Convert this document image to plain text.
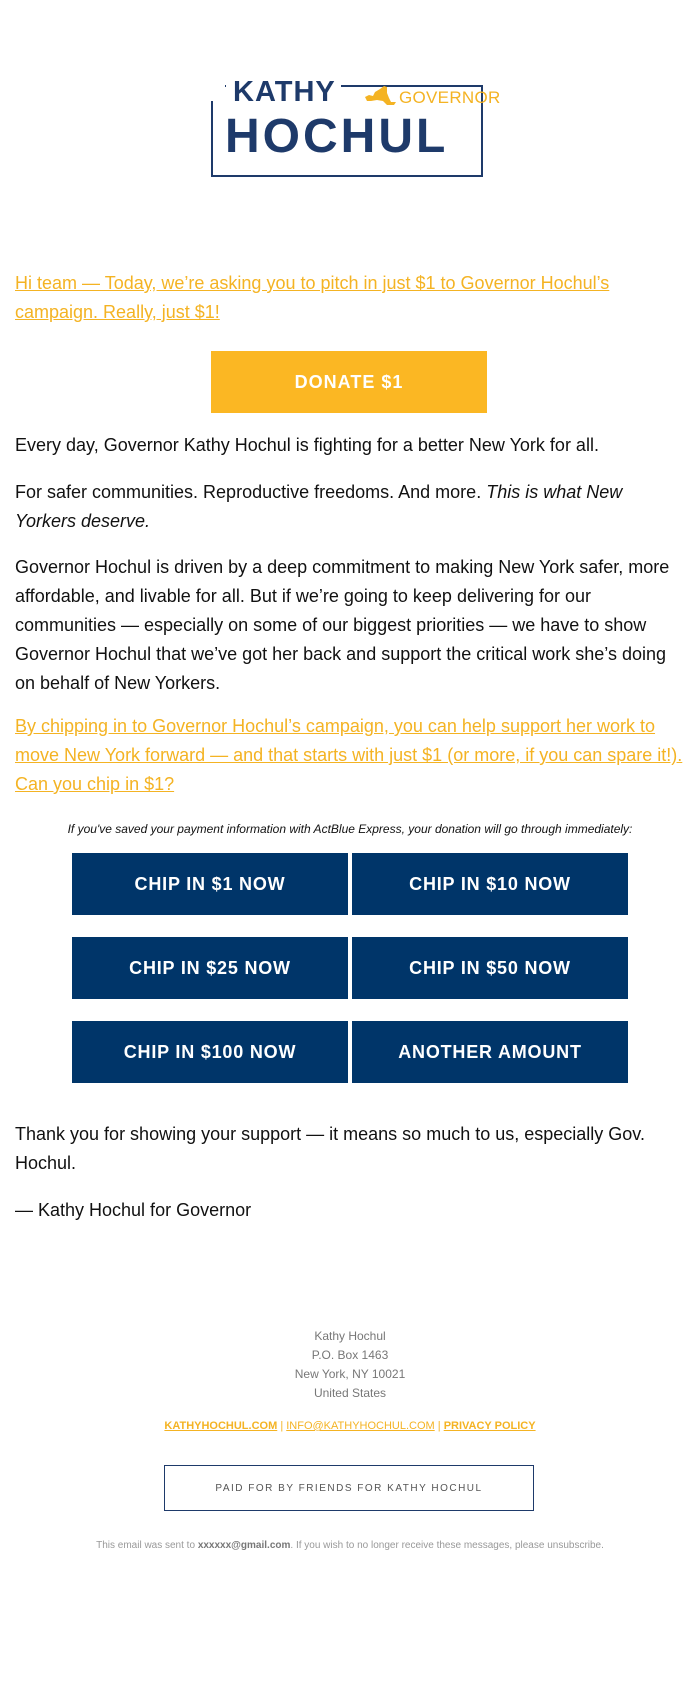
KATHY	GOVERNOR
HOCHUL
Hi team — Today, we’re asking you to pitch in just $1 to Governor Hochul’s campaign. Really, just $1!
DONATE $1
Every day, Governor Kathy Hochul is fighting for a better New York for all.
For safer communities. Reproductive freedoms. And more. This is what New Yorkers deserve.
Governor Hochul is driven by a deep commitment to making New York safer, more affordable, and livable for all. But if we’re going to keep delivering for our communities — especially on some of our biggest priorities — we have to show Governor Hochul that we’ve got her back and support the critical work she’s doing on behalf of New Yorkers.
By chipping in to Governor Hochul’s campaign, you can help support her work to move New York forward — and that starts with just $1 (or more, if you can spare it!). Can you chip in $1?
If you've saved your payment information with ActBlue Express, your donation will go through immediately:
CHIP IN $1 NOW	CHIP IN $10 NOW
CHIP IN $25 NOW	CHIP IN $50 NOW
CHIP IN $100 NOW	ANOTHER AMOUNT
Thank you for showing your support — it means so much to us, especially Gov. Hochul.
— Kathy Hochul for Governor
Kathy Hochul
P.O. Box 1463
New York, NY 10021
United States
KATHYHOCHUL.COM | INFO@KATHYHOCHUL.COM | PRIVACY POLICY
PAID FOR BY FRIENDS FOR KATHY HOCHUL
This email was sent to xxxxxx@gmail.com. If you wish to no longer receive these messages, please unsubscribe.
